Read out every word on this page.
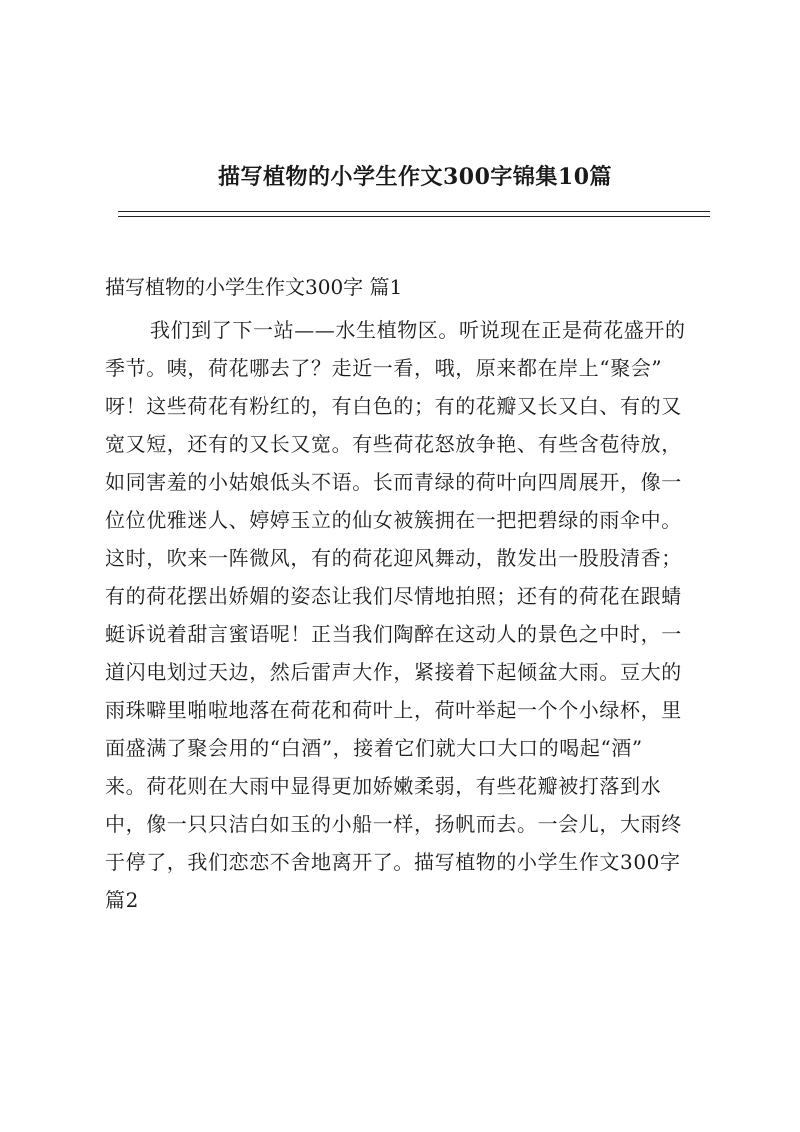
描写植物的小学生作文300字锦集10篇
描写植物的小学生作文300字 篇1
我们到了下一站——水生植物区。听说现在正是荷花盛开的
季节。咦，荷花哪去了？走近一看，哦，原来都在岸上“聚会”
呀！这些荷花有粉红的，有白色的；有的花瓣又长又白、有的又
宽又短，还有的又长又宽。有些荷花怒放争艳、有些含苞待放，
如同害羞的小姑娘低头不语。长而青绿的荷叶向四周展开，像一
位位优雅迷人、婷婷玉立的仙女被簇拥在一把把碧绿的雨伞中。
这时，吹来一阵微风，有的荷花迎风舞动，散发出一股股清香；
有的荷花摆出娇媚的姿态让我们尽情地拍照；还有的荷花在跟蜻
蜓诉说着甜言蜜语呢！正当我们陶醉在这动人的景色之中时，一
道闪电划过天边，然后雷声大作，紧接着下起倾盆大雨。豆大的
雨珠噼里啪啦地落在荷花和荷叶上，荷叶举起一个个小绿杯，里
面盛满了聚会用的“白酒”，接着它们就大口大口的喝起“酒”
来。荷花则在大雨中显得更加娇嫩柔弱，有些花瓣被打落到水
中，像一只只洁白如玉的小船一样，扬帆而去。一会儿，大雨终
于停了，我们恋恋不舍地离开了。描写植物的小学生作文300字
篇2
